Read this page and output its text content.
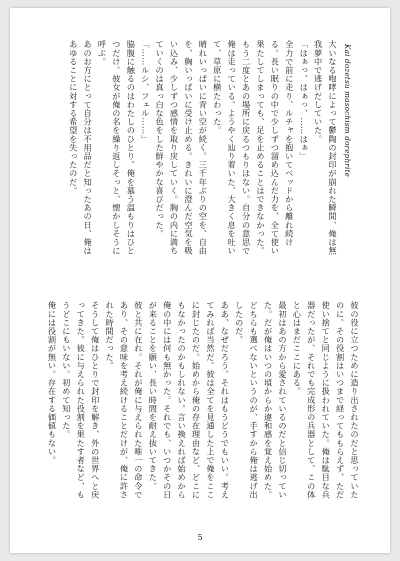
Kai dozetsu masochism dorephrite
大いなる咆哮によって鬱陶の封印が崩れた瞬間、俺は無我夢中で逃げだしていた。
「はぁっ、はぁっ、……はぁ」
全力で前に走り、ルチャを抱いてベッドから離れ続ける。長い眠りの中で少しずつ溜め込んだ力を、全て使い果たしてしまっても、足を止めることはできなかった。もう二度とあの場所に戻るつもりはない。自分の意思で俺は走っている。ようやく辿り着いた、大きく息を吐いて、草原に横たわった。
晴れいっぱいに青い空が続く。三千年ぶりの空を、自由を、胸いっぱいに受け止める。きれいに澄んだ空気を吸い込み、少しずつ感情を取り戻していく。胸の内に満ちていくのは真っ白な色をした鮮やかな喜びだった。
「……ルシ、フェル……」
脇腹に触るのはわたしのひとり。俺を慕う温もりはひとつだけ。彼女が俺の名を繰り返しそっと、懐かしそうに呼ぶ。
あのお方にとって自分は不用品だと知ったあの日、俺はあゆることに対する希望を失ったのだ。
彼の役に立つために造り出されたのだと思っていたのに。その役割はいつまで経ってももらえず、ただ使い捨てと同じように扱われていた。俺は駄目な兵器だったが、それでも完成形の兵器として、この体と心はまだここにある。
最初はあの方から愛されているのだと信じ切っていた。だが俺はいつの頃からか違和感を覚え始めた。どちらも選べないというのが、手すから俺は逃げ出したのだ。
ああ、なぜだろう。それはもうどうでもいい。考えてみれば当然だ。彼は全てを見通した上で俺をここに封じたのだ。始めから俺の存在理由など、どこにもなかったのかもしれない。言い換えれば始めから俺の中には何も無かった。それでも、いつかその日が来ることを願い、長い時間を耐え抜いてきた。
彼と共に在れ。それが俺に与えられた唯一の命令であり、その意味を考え続けることだけが、俺に許された時間だった。
そうして俺はひとりで封印を解き、外の世界へと戻ってきた。彼に与えられた役割を果たす者など、もうどこにもいない。初めて知った。
俺には役割が無い。存在する価値もない。
5
